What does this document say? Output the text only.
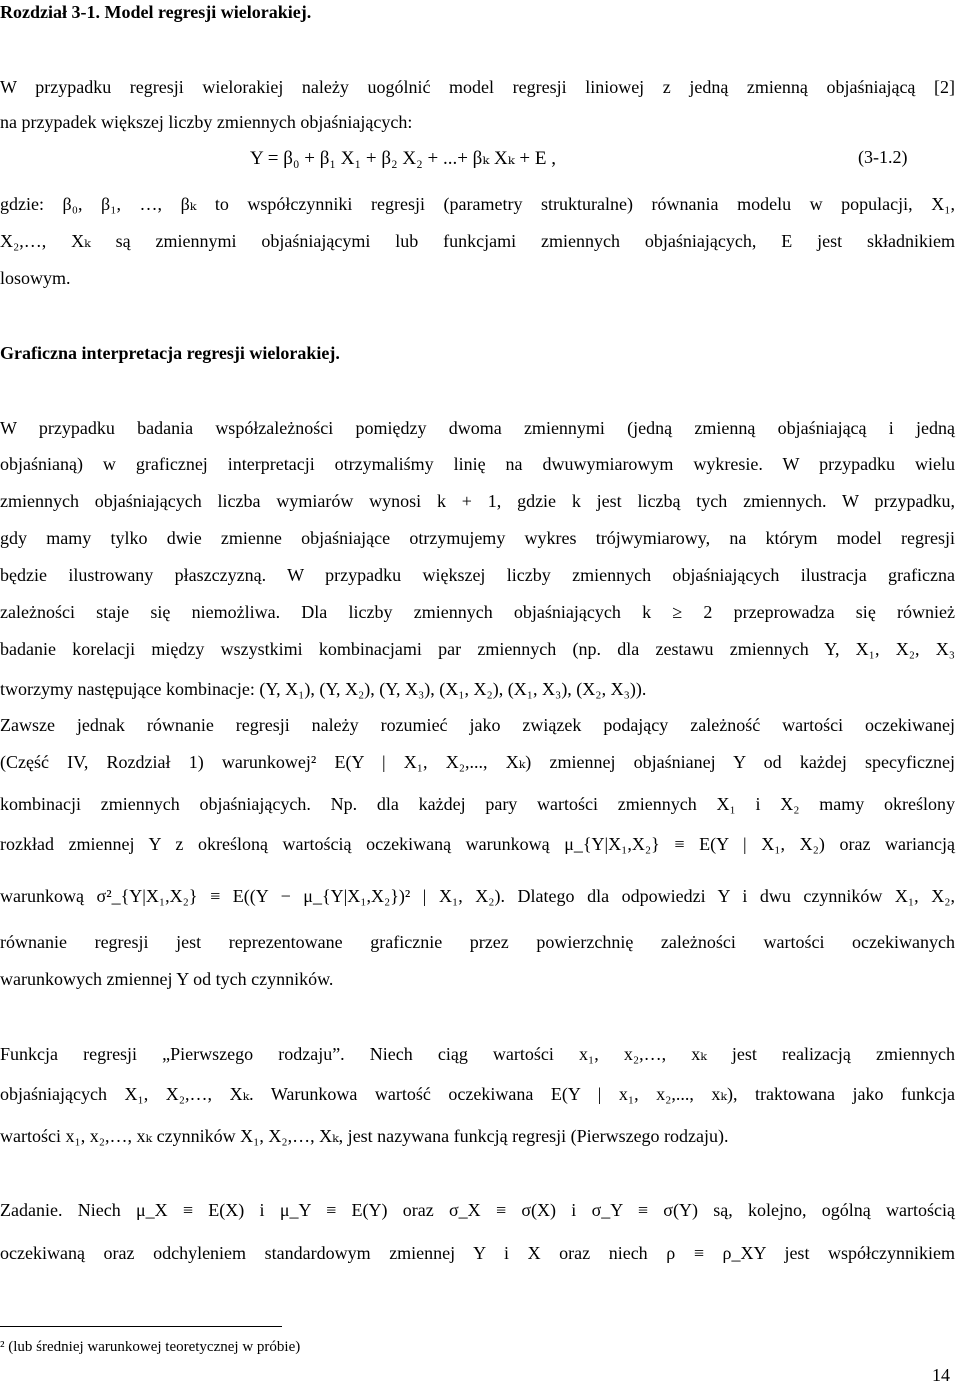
Rozdział 3-1. Model regresji wielorakiej.
W przypadku regresji wielorakiej należy uogólnić model regresji liniowej z jedną zmienną objaśniającą [2]
na przypadek większej liczby zmiennych objaśniających:
Y = β₀ + β₁ X₁ + β₂ X₂ + ...+ βₖ Xₖ + E ,	(3-1.2)
gdzie: β₀, β₁, …, βₖ to współczynniki regresji (parametry strukturalne) równania modelu w populacji, X₁,
X₂,…, Xₖ są zmiennymi objaśniającymi lub funkcjami zmiennych objaśniających, E jest składnikiem
losowym.
Graficzna interpretacja regresji wielorakiej.
W przypadku badania współzależności pomiędzy dwoma zmiennymi (jedną zmienną objaśniającą i jedną
objaśnianą) w graficznej interpretacji otrzymaliśmy linię na dwuwymiarowym wykresie. W przypadku wielu
zmiennych objaśniających liczba wymiarów wynosi k + 1, gdzie k jest liczbą tych zmiennych. W przypadku,
gdy mamy tylko dwie zmienne objaśniające otrzymujemy wykres trójwymiarowy, na którym model regresji
będzie ilustrowany płaszczyzną. W przypadku większej liczby zmiennych objaśniających ilustracja graficzna
zależności staje się niemożliwa. Dla liczby zmiennych objaśniających k ≥ 2 przeprowadza się również
badanie korelacji między wszystkimi kombinacjami par zmiennych (np. dla zestawu zmiennych Y, X₁, X₂, X₃
tworzymy następujące kombinacje: (Y, X₁), (Y, X₂), (Y, X₃), (X₁, X₂), (X₁, X₃), (X₂, X₃)).
Zawsze jednak równanie regresji należy rozumieć jako związek podający zależność wartości oczekiwanej
(Część IV, Rozdział 1) warunkowej² E(Y | X₁, X₂,..., Xₖ) zmiennej objaśnianej Y od każdej specyficznej
kombinacji zmiennych objaśniających. Np. dla każdej pary wartości zmiennych X₁ i X₂ mamy określony
rozkład zmiennej Y z określoną wartością oczekiwaną warunkową μ_{Y|X₁,X₂} ≡ E(Y | X₁, X₂) oraz wariancją
warunkową σ²_{Y|X₁,X₂} ≡ E((Y − μ_{Y|X₁,X₂})² | X₁, X₂). Dlatego dla odpowiedzi Y i dwu czynników X₁, X₂,
równanie regresji jest reprezentowane graficznie przez powierzchnię zależności wartości oczekiwanych
warunkowych zmiennej Y od tych czynników.
Funkcja regresji „Pierwszego rodzaju”. Niech ciąg wartości x₁, x₂,…, xₖ jest realizacją zmiennych
objaśniających X₁, X₂,…, Xₖ. Warunkowa wartość oczekiwana E(Y | x₁, x₂,..., xₖ), traktowana jako funkcja
wartości x₁, x₂,…, xₖ czynników X₁, X₂,…, Xₖ, jest nazywana funkcją regresji (Pierwszego rodzaju).
Zadanie. Niech μ_X ≡ E(X) i μ_Y ≡ E(Y) oraz σ_X ≡ σ(X) i σ_Y ≡ σ(Y) są, kolejno, ogólną wartością
oczekiwaną oraz odchyleniem standardowym zmiennej Y i X oraz niech ρ ≡ ρ_XY jest współczynnikiem
² (lub średniej warunkowej teoretycznej w próbie)
14
